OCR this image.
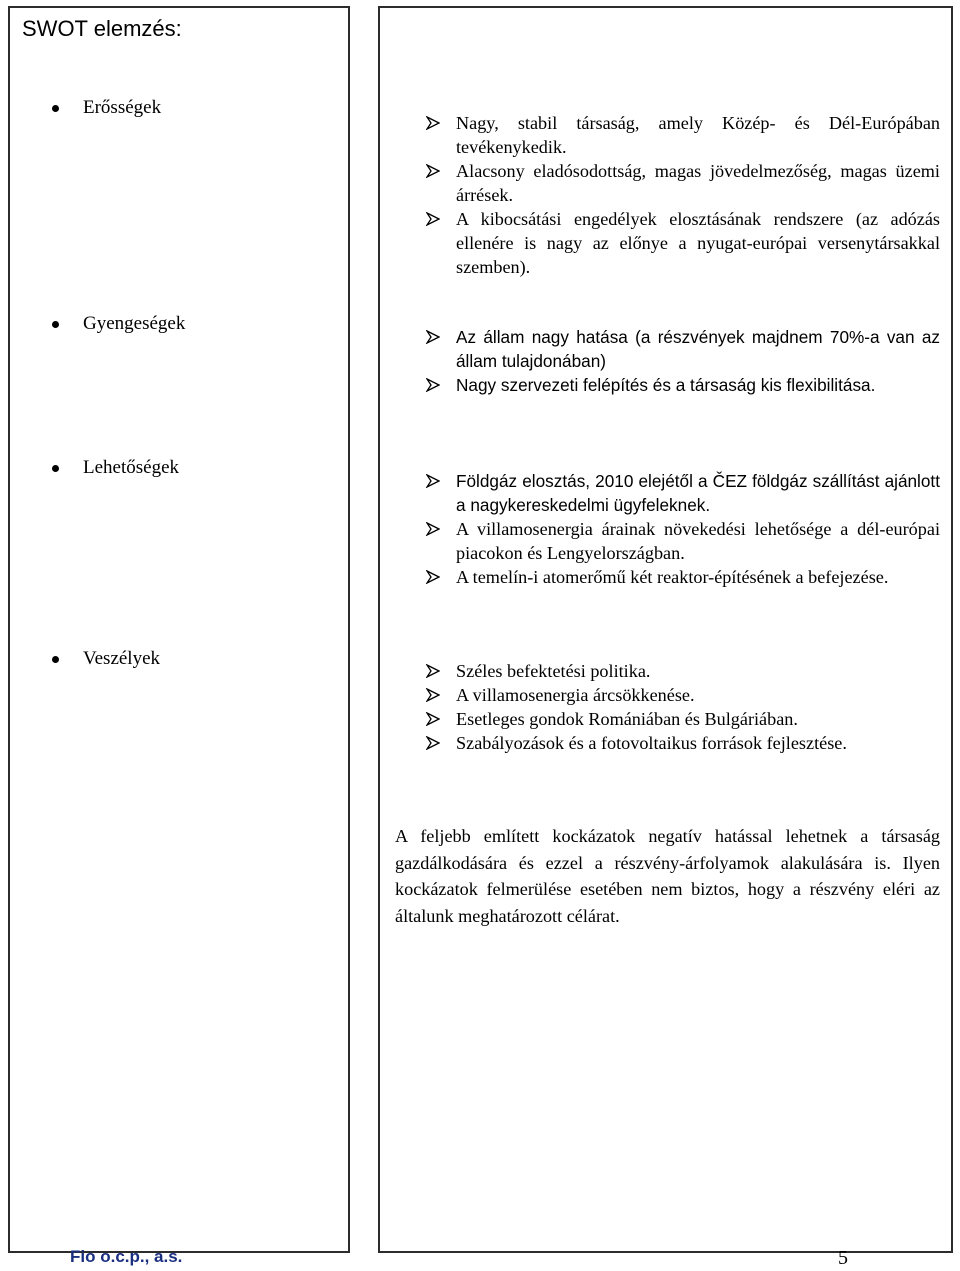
SWOT elemzés:
Erősségek
Gyengeségek
Lehetőségek
Veszélyek
Nagy, stabil társaság, amely Közép- és Dél-Európában tevékenykedik.
Alacsony eladósodottság, magas jövedelmezőség, magas üzemi árrések.
A kibocsátási engedélyek elosztásának rendszere (az adózás ellenére is nagy az előnye a nyugat-európai versenytársakkal szemben).
Az állam nagy hatása (a részvények majdnem 70%-a van az állam tulajdonában)
Nagy szervezeti felépítés és a társaság kis flexibilitása.
Földgáz elosztás, 2010 elejétől a ČEZ földgáz szállítást ajánlott a nagykereskedelmi ügyfeleknek.
A villamosenergia árainak növekedési lehetősége a dél-európai piacokon és Lengyelországban.
A temelín-i atomerőmű két reaktor-építésének a befejezése.
Széles befektetési politika.
A villamosenergia árcsökkenése.
Esetleges gondok Romániában és Bulgáriában.
Szabályozások és a fotovoltaikus források fejlesztése.

A feljebb említett kockázatok negatív hatással lehetnek a társaság gazdálkodására és ezzel a részvény-árfolyamok alakulására is. Ilyen kockázatok felmerülése esetében nem biztos, hogy a részvény eléri az általunk meghatározott célárat.

Fio o.c.p., a.s.	5
